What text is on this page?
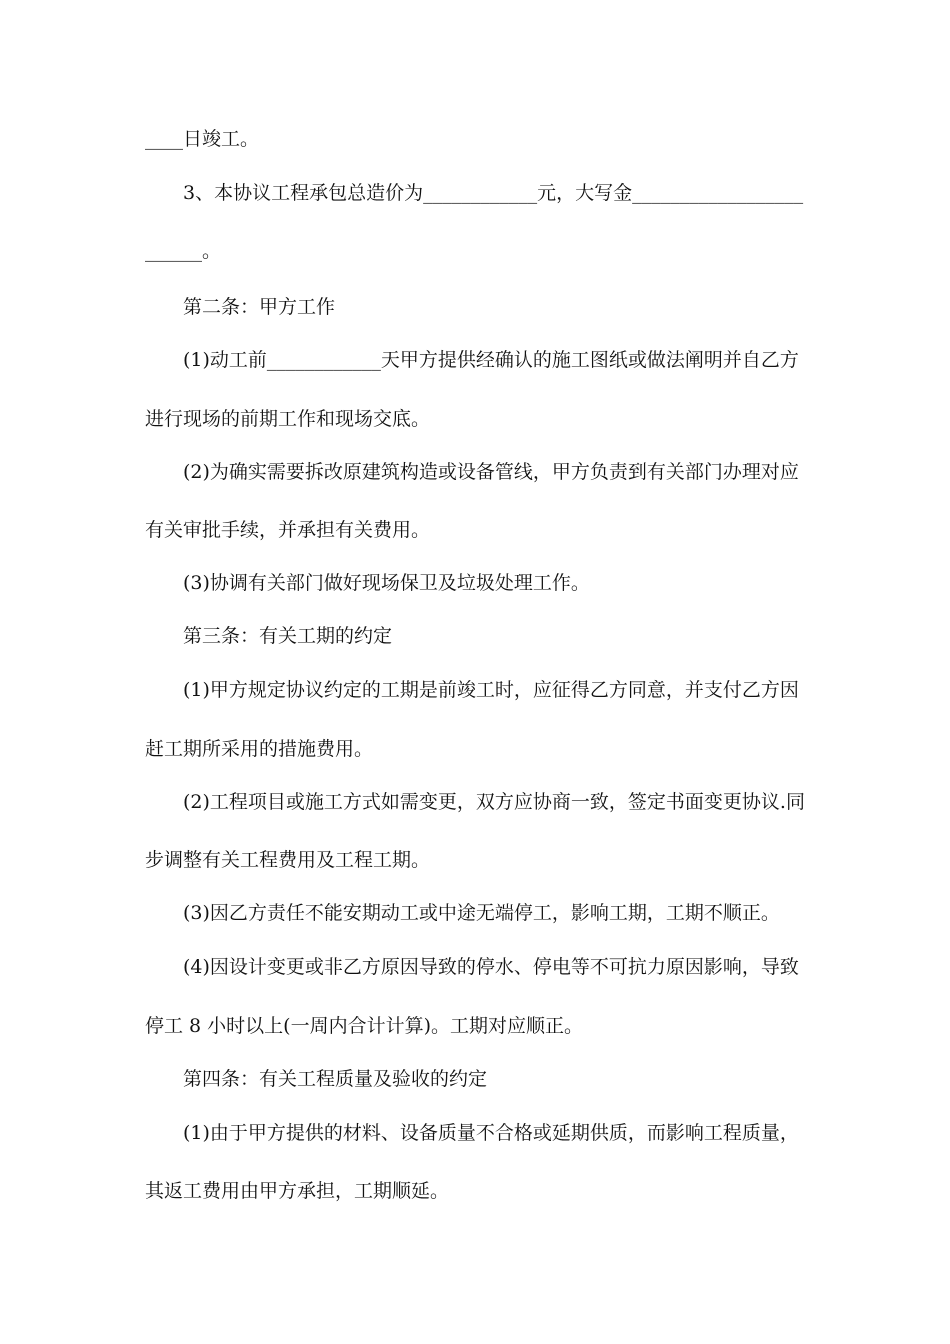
____日竣工。
3、本协议工程承包总造价为____________元，大写金__________________
______。
第二条：甲方工作
(1)动工前____________天甲方提供经确认的施工图纸或做法阐明并自乙方
进行现场的前期工作和现场交底。
(2)为确实需要拆改原建筑构造或设备管线，甲方负责到有关部门办理对应
有关审批手续，并承担有关费用。
(3)协调有关部门做好现场保卫及垃圾处理工作。
第三条：有关工期的约定
(1)甲方规定协议约定的工期是前竣工时，应征得乙方同意，并支付乙方因
赶工期所采用的措施费用。
(2)工程项目或施工方式如需变更，双方应协商一致，签定书面变更协议.同
步调整有关工程费用及工程工期。
(3)因乙方责任不能安期动工或中途无端停工，影响工期，工期不顺正。
(4)因设计变更或非乙方原因导致的停水、停电等不可抗力原因影响，导致
停工 8 小时以上(一周内合计计算)。工期对应顺正。
第四条：有关工程质量及验收的约定
(1)由于甲方提供的材料、设备质量不合格或延期供质，而影响工程质量，
其返工费用由甲方承担，工期顺延。
